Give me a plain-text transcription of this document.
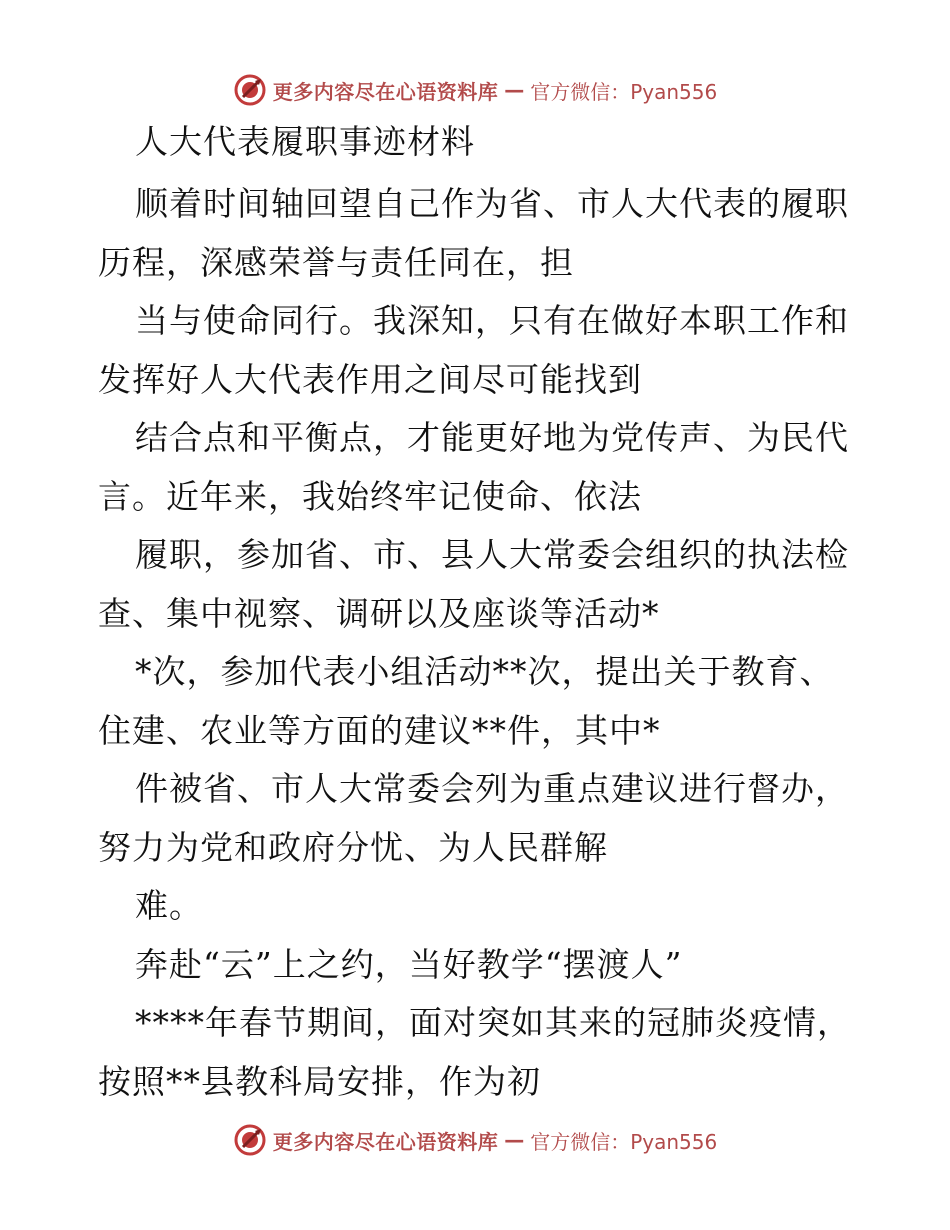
更多内容尽在心语资料库 — 官方微信：Pyan556
人大代表履职事迹材料
顺着时间轴回望自己作为省、市人大代表的履职
历程，深感荣誉与责任同在，担
当与使命同行。我深知，只有在做好本职工作和
发挥好人大代表作用之间尽可能找到
结合点和平衡点，才能更好地为党传声、为民代
言。近年来，我始终牢记使命、依法
履职，参加省、市、县人大常委会组织的执法检
查、集中视察、调研以及座谈等活动*
*次，参加代表小组活动**次，提出关于教育、
住建、农业等方面的建议**件，其中*
件被省、市人大常委会列为重点建议进行督办，
努力为党和政府分忧、为人民群解
难。
奔赴“云”上之约，当好教学“摆渡人”
****年春节期间，面对突如其来的冠肺炎疫情，
按照**县教科局安排，作为初
更多内容尽在心语资料库 — 官方微信：Pyan556
